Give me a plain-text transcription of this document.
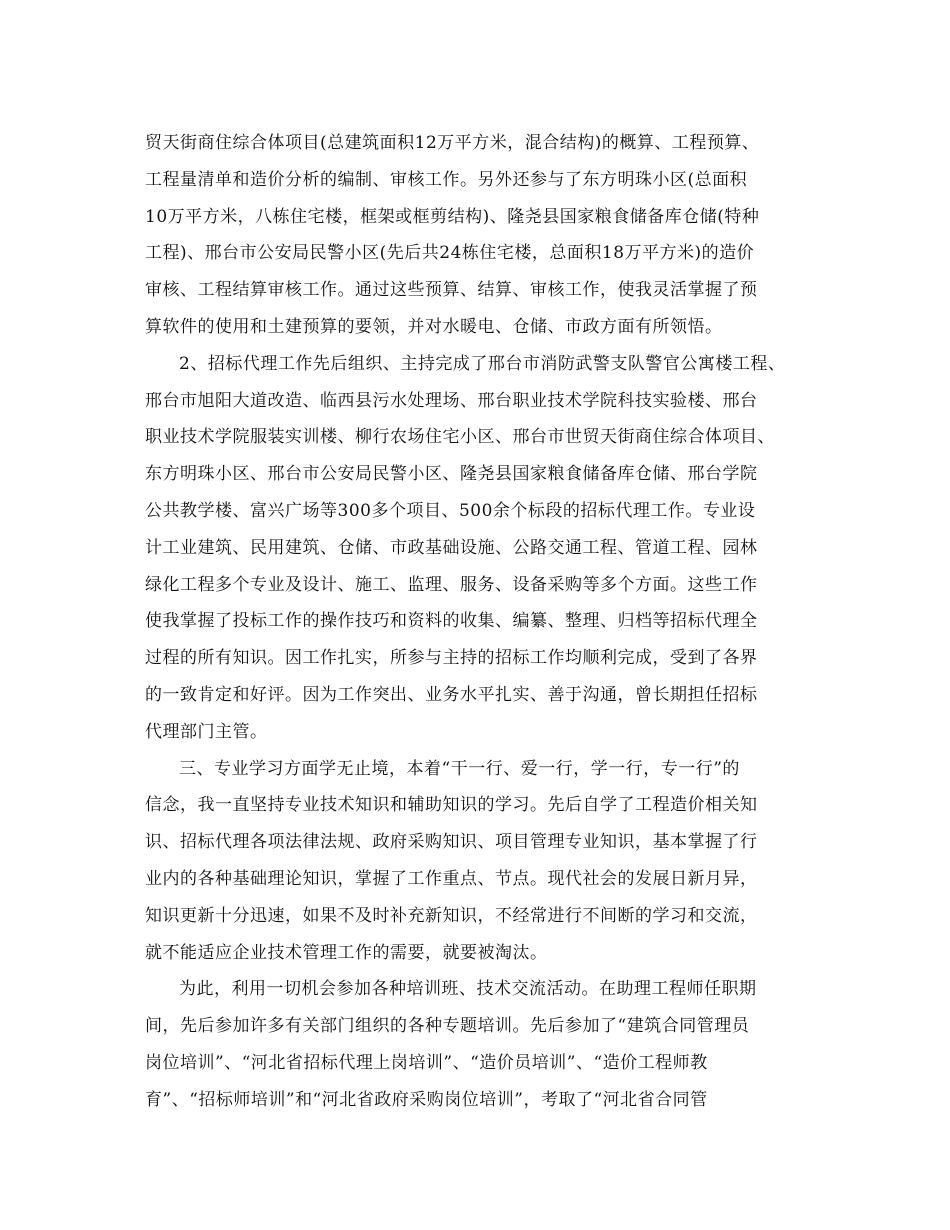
贸天街商住综合体项目(总建筑面积12万平方米，混合结构)的概算、工程预算、
工程量清单和造价分析的编制、审核工作。另外还参与了东方明珠小区(总面积
10万平方米，八栋住宅楼，框架或框剪结构)、隆尧县国家粮食储备库仓储(特种
工程)、邢台市公安局民警小区(先后共24栋住宅楼，总面积18万平方米)的造价
审核、工程结算审核工作。通过这些预算、结算、审核工作，使我灵活掌握了预
算软件的使用和土建预算的要领，并对水暖电、仓储、市政方面有所领悟。
2、招标代理工作先后组织、主持完成了邢台市消防武警支队警官公寓楼工程、
邢台市旭阳大道改造、临西县污水处理场、邢台职业技术学院科技实验楼、邢台
职业技术学院服装实训楼、柳行农场住宅小区、邢台市世贸天街商住综合体项目、
东方明珠小区、邢台市公安局民警小区、隆尧县国家粮食储备库仓储、邢台学院
公共教学楼、富兴广场等300多个项目、500余个标段的招标代理工作。专业设
计工业建筑、民用建筑、仓储、市政基础设施、公路交通工程、管道工程、园林
绿化工程多个专业及设计、施工、监理、服务、设备采购等多个方面。这些工作
使我掌握了投标工作的操作技巧和资料的收集、编纂、整理、归档等招标代理全
过程的所有知识。因工作扎实，所参与主持的招标工作均顺利完成，受到了各界
的一致肯定和好评。因为工作突出、业务水平扎实、善于沟通，曾长期担任招标
代理部门主管。
三、专业学习方面学无止境，本着“干一行、爱一行，学一行，专一行”的
信念，我一直坚持专业技术知识和辅助知识的学习。先后自学了工程造价相关知
识、招标代理各项法律法规、政府采购知识、项目管理专业知识，基本掌握了行
业内的各种基础理论知识，掌握了工作重点、节点。现代社会的发展日新月异，
知识更新十分迅速，如果不及时补充新知识，不经常进行不间断的学习和交流，
就不能适应企业技术管理工作的需要，就要被淘汰。
为此，利用一切机会参加各种培训班、技术交流活动。在助理工程师任职期
间，先后参加许多有关部门组织的各种专题培训。先后参加了“建筑合同管理员
岗位培训”、“河北省招标代理上岗培训”、“造价员培训”、“造价工程师教
育”、“招标师培训”和“河北省政府采购岗位培训”，考取了“河北省合同管
